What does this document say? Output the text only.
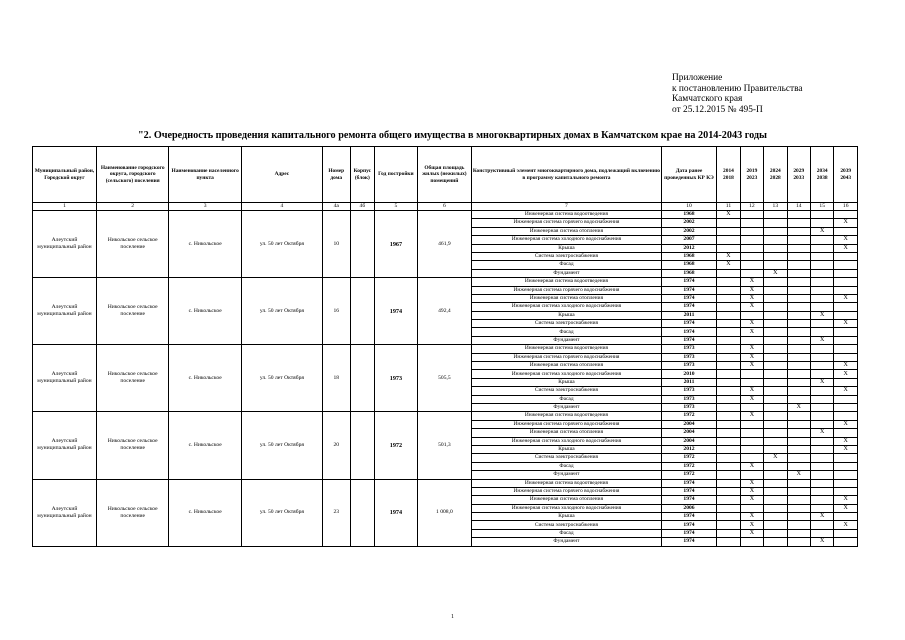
Приложение
к постановлению Правительства
Камчатского края
от 25.12.2015 № 495-П
"2. Очередность проведения капитального ремонта общего имущества в многоквартирных домах в Камчатском крае на 2014-2043 годы
Муниципальный район, Городской округ	Наименование городского округа, городского (сельского) поселения	Наименование населенного пункта	Адрес	Номер дома	Корпус (блок)	Год постройки	Общая площадь жилых (нежилых) помещений	Конструктивный элемент многоквартирного дома, подлежащий включению в программу капитального ремонта	Дата ранее проведенных КР КЭ	2014 2018	2019 2023	2024 2028	2029 2033	2034 2038	2039 2043
1	2	3	4	4а	4б	5	6	7	10	11	12	13	14	15	16
Алеутский муниципальный район	Никольское сельское поселение	с. Никольское	ул. 50 лет Октября	10		1967	461,9	Инженерная система водоотведения	1968	X					
								Инженерная система горячего водоснабжения	2002						X
								Инженерная система отопления	2002					X	
								Инженерная система холодного водоснабжения	2007						X
								Крыша	2012						X
								Система электроснабжения	1968	X					
								Фасад	1968	X					
								Фундамент	1968			X			
Алеутский муниципальный район	Никольское сельское поселение	с. Никольское	ул. 50 лет Октября	16		1974	492,4	Инженерная система водоотведения	1974		X				
								Инженерная система горячего водоснабжения	1974		X				
								Инженерная система отопления	1974		X				X
								Инженерная система холодного водоснабжения	1974		X				
								Крыша	2011					X	
								Система электроснабжения	1974		X				X
								Фасад	1974		X				
								Фундамент	1974					X	
Алеутский муниципальный район	Никольское сельское поселение	с. Никольское	ул. 50 лет Октября	18		1973	505,5	Инженерная система водоотведения	1973		X				
								Инженерная система горячего водоснабжения	1973		X				
								Инженерная система отопления	1973		X				X
								Инженерная система холодного водоснабжения	2010						X
								Крыша	2011					X	
								Система электроснабжения	1973		X				X
								Фасад	1973		X				
								Фундамент	1973				X		
Алеутский муниципальный район	Никольское сельское поселение	с. Никольское	ул. 50 лет Октября	20		1972	501,3	Инженерная система водоотведения	1972		X				
								Инженерная система горячего водоснабжения	2004						X
								Инженерная система отопления	2004					X	
								Инженерная система холодного водоснабжения	2004						X
								Крыша	2012						X
								Система электроснабжения	1972			X			
								Фасад	1972		X				
								Фундамент	1972				X		
Алеутский муниципальный район	Никольское сельское поселение	с. Никольское	ул. 50 лет Октября	23		1974	1 008,0	Инженерная система водоотведения	1974		X				
								Инженерная система горячего водоснабжения	1974		X				
								Инженерная система отопления	1974		X				X
								Инженерная система холодного водоснабжения	2006						X
								Крыша	1974		X			X	
								Система электроснабжения	1974		X				X
								Фасад	1974		X				
								Фундамент	1974					X	
1
